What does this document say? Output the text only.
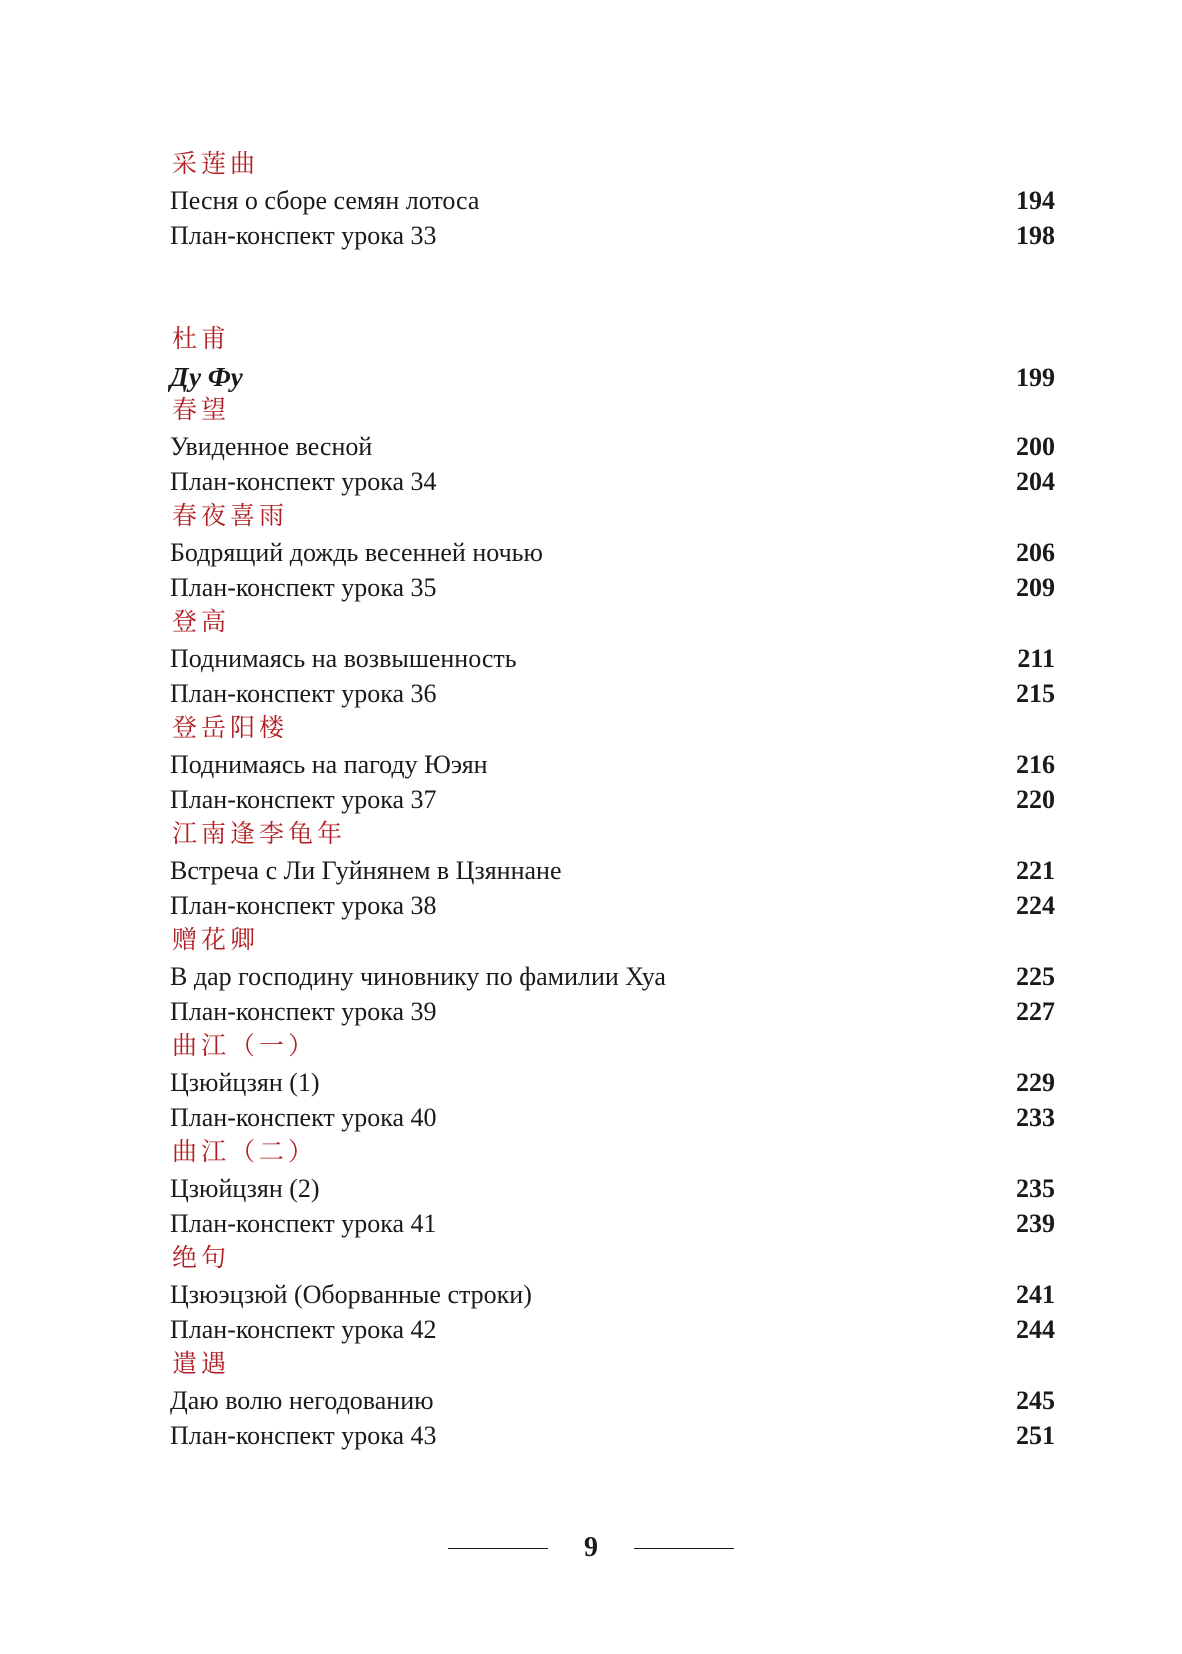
采莲曲
Песня о сборе семян лотоса	194
План-конспект урока 33	198
杜甫
Ду Фу	199
春望
Увиденное весной	200
План-конспект урока 34	204
春夜喜雨
Бодрящий дождь весенней ночью	206
План-конспект урока 35	209
登高
Поднимаясь на возвышенность	211
План-конспект урока 36	215
登岳阳楼
Поднимаясь на пагоду Юэян	216
План-конспект урока 37	220
江南逢李龟年
Встреча с Ли Гуйнянем в Цзяннане	221
План-конспект урока 38	224
赠花卿
В дар господину чиновнику по фамилии Хуа	225
План-конспект урока 39	227
曲江（一）
Цзюйцзян (1)	229
План-конспект урока 40	233
曲江（二）
Цзюйцзян (2)	235
План-конспект урока 41	239
绝句
Цзюэцзюй (Оборванные строки)	241
План-конспект урока 42	244
遣遇
Даю волю негодованию	245
План-конспект урока 43	251
9
